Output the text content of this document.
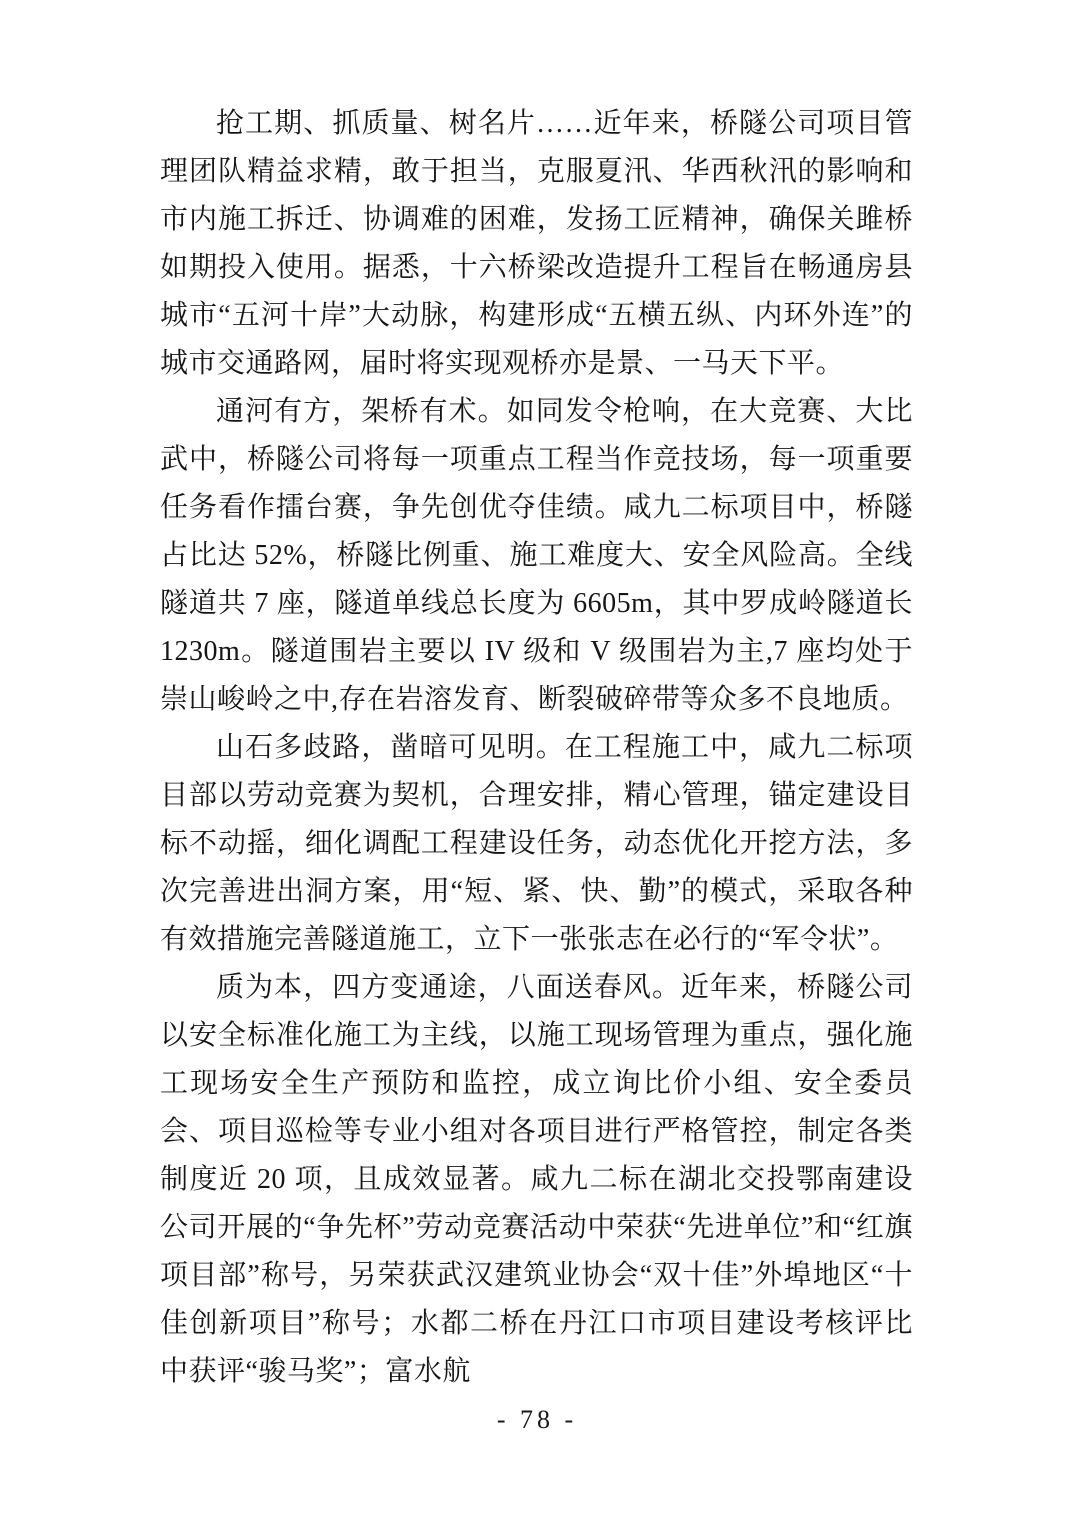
抢工期、抓质量、树名片……近年来，桥隧公司项目管理团队精益求精，敢于担当，克服夏汛、华西秋汛的影响和市内施工拆迁、协调难的困难，发扬工匠精神，确保关雎桥如期投入使用。据悉，十六桥梁改造提升工程旨在畅通房县城市“五河十岸”大动脉，构建形成“五横五纵、内环外连”的城市交通路网，届时将实现观桥亦是景、一马天下平。

通河有方，架桥有术。如同发令枪响，在大竞赛、大比武中，桥隧公司将每一项重点工程当作竞技场，每一项重要任务看作擂台赛，争先创优夺佳绩。咸九二标项目中，桥隧占比达 52%，桥隧比例重、施工难度大、安全风险高。全线隧道共 7 座，隧道单线总长度为 6605m，其中罗成岭隧道长 1230m。隧道围岩主要以 IV 级和 V 级围岩为主,7 座均处于崇山峻岭之中,存在岩溶发育、断裂破碎带等众多不良地质。

山石多歧路，凿暗可见明。在工程施工中，咸九二标项目部以劳动竞赛为契机，合理安排，精心管理，锚定建设目标不动摇，细化调配工程建设任务，动态优化开挖方法，多次完善进出洞方案，用“短、紧、快、勤”的模式，采取各种有效措施完善隧道施工，立下一张张志在必行的“军令状”。

质为本，四方变通途，八面送春风。近年来，桥隧公司以安全标准化施工为主线，以施工现场管理为重点，强化施工现场安全生产预防和监控，成立询比价小组、安全委员会、项目巡检等专业小组对各项目进行严格管控，制定各类制度近 20 项，且成效显著。咸九二标在湖北交投鄂南建设公司开展的“争先杯”劳动竞赛活动中荣获“先进单位”和“红旗项目部”称号，另荣获武汉建筑业协会“双十佳”外埠地区“十佳创新项目”称号；水都二桥在丹江口市项目建设考核评比中获评“骏马奖”；富水航

- 78 -
